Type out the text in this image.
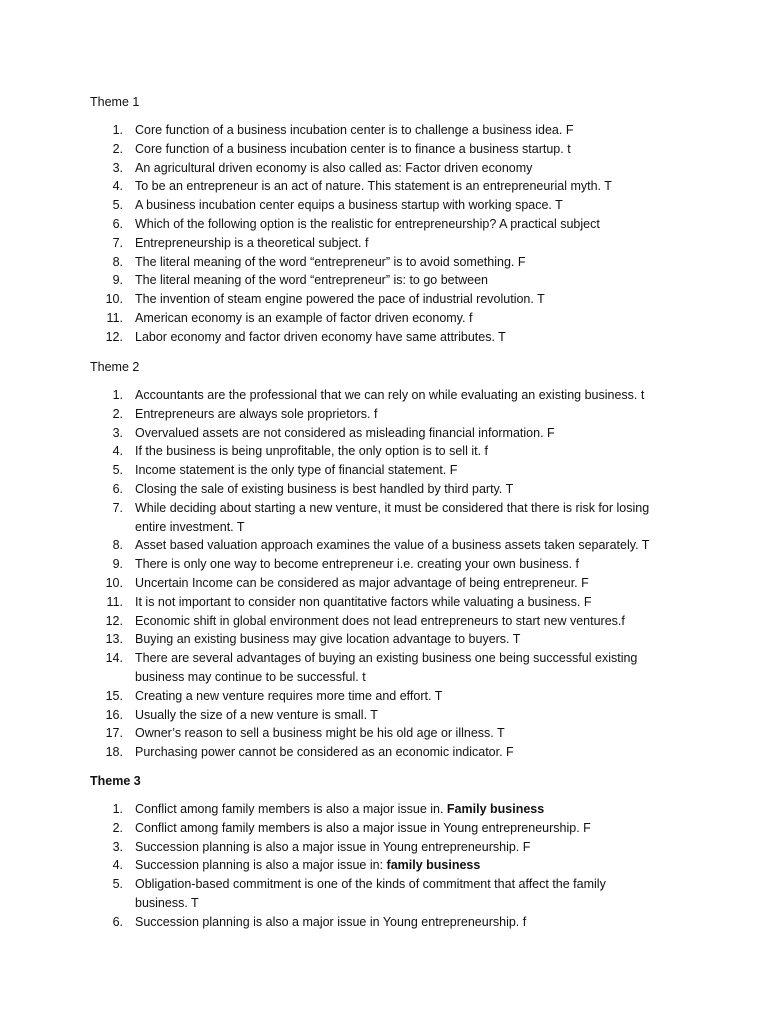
Theme 1
1. Core function of a business incubation center is to challenge a business idea. F
2. Core function of a business incubation center is to finance a business startup. t
3. An agricultural driven economy is also called as: Factor driven economy
4. To be an entrepreneur is an act of nature. This statement is an entrepreneurial myth. T
5. A business incubation center equips a business startup with working space. T
6. Which of the following option is the realistic for entrepreneurship? A practical subject
7. Entrepreneurship is a theoretical subject. f
8. The literal meaning of the word “entrepreneur” is to avoid something. F
9. The literal meaning of the word “entrepreneur” is: to go between
10. The invention of steam engine powered the pace of industrial revolution. T
11. American economy is an example of factor driven economy. f
12. Labor economy and factor driven economy have same attributes. T
Theme 2
1. Accountants are the professional that we can rely on while evaluating an existing business. t
2. Entrepreneurs are always sole proprietors. f
3. Overvalued assets are not considered as misleading financial information. F
4. If the business is being unprofitable, the only option is to sell it. f
5. Income statement is the only type of financial statement. F
6. Closing the sale of existing business is best handled by third party. T
7. While deciding about starting a new venture, it must be considered that there is risk for losing
entire investment. T
8. Asset based valuation approach examines the value of a business assets taken separately. T
9. There is only one way to become entrepreneur i.e. creating your own business. f
10. Uncertain Income can be considered as major advantage of being entrepreneur. F
11. It is not important to consider non quantitative factors while valuating a business. F
12. Economic shift in global environment does not lead entrepreneurs to start new ventures.f
13. Buying an existing business may give location advantage to buyers. T
14. There are several advantages of buying an existing business one being successful existing
business may continue to be successful. t
15. Creating a new venture requires more time and effort. T
16. Usually the size of a new venture is small. T
17. Owner’s reason to sell a business might be his old age or illness. T
18. Purchasing power cannot be considered as an economic indicator. F
Theme 3
1. Conflict among family members is also a major issue in. Family business
2. Conflict among family members is also a major issue in Young entrepreneurship. F
3. Succession planning is also a major issue in Young entrepreneurship. F
4. Succession planning is also a major issue in: family business
5. Obligation-based commitment is one of the kinds of commitment that affect the family
business. T
6. Succession planning is also a major issue in Young entrepreneurship. f
